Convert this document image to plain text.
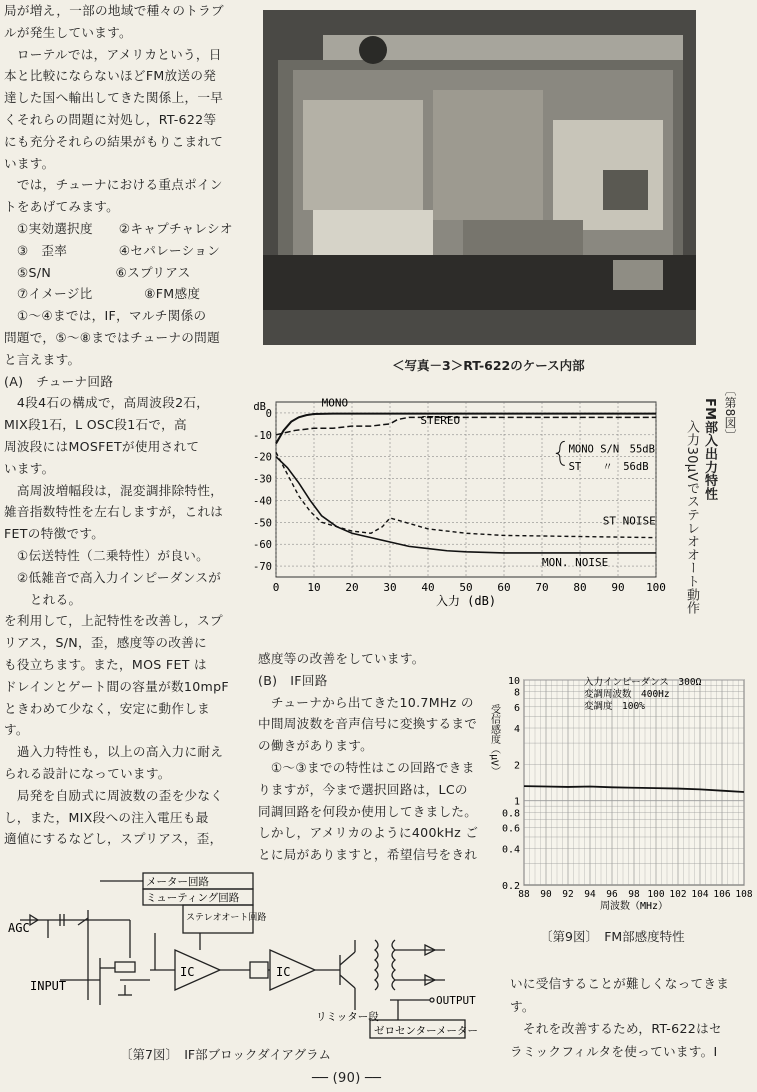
局が増え，一部の地域で種々のトラブ
ルが発生しています。
　ローテルでは，アメリカという，日
本と比較にならないほどFM放送の発
達した国へ輸出してきた関係上，一早
くそれらの問題に対処し，RT-622等
にも充分それらの結果がもりこまれて
います。
　では，チューナにおける重点ポイン
トをあげてみます。
　①実効選択度　　②キャプチャレシオ
　③　歪率　　　　④セパレーション
　⑤S/N　　　　　⑥スプリアス
　⑦イメージ比　　　　⑧FM感度
　①～④までは，IF，マルチ関係の
問題で，⑤～⑧まではチューナの問題
と言えます。
(A)　チューナ回路
　4段4石の構成で，高周波段2石，
MIX段1石，L OSC段1石で，高
周波段にはMOSFETが使用されて
います。
　高周波増幅段は，混変調排除特性，
雑音指数特性を左右しますが，これは
FETの特徴です。
　①伝送特性（二乗特性）が良い。
　②低雑音で高入力インピーダンスが
　　とれる。
を利用して，上記特性を改善し，スプ
リアス，S/N，歪，感度等の改善に
も役立ちます。また，MOS FET は
ドレインとゲート間の容量が数10mpF
ときわめて少なく，安定に動作しま
す。
　過入力特性も，以上の高入力に耐え
られる設計になっています。
　局発を自励式に周波数の歪を少なく
し，また，MIX段への注入電圧も最
適値にするなどし，スプリアス，歪，
＜写真－3＞RT-622のケース内部
0	10 20 30 40 50 60 70 80 90 100
0
-10
-20
-30
-40
-50
-60
-70
dB
入力 (dB)
MONO
STEREO
ST NOISE
MON. NOISE
MONO S/N　55dB
ST　　〃　56dB
〔第8図〕
FM部入出力特性
入力30μVでステレオオート動作
88 90 92 94 96 98 100 102 104 106 108
10
8
6
4
2
1
0.8
0.6
0.4
0.2
周波数（MHz）
受信感度（μV）
入力インピーダンス　300Ω
変調周波数　400Hz
変調度　100%
〔第9図〕　FM部感度特性
感度等の改善をしています。
(B)　IF回路
　チューナから出てきた10.7MHz の
中間周波数を音声信号に変換するまで
の働きがあります。
　①～③までの特性はこの回路できま
りますが，今まで選択回路は，LCの
同調回路を何段か使用してきました。
しかし，アメリカのように400kHz ご
とに局がありますと，希望信号をきれ
いに受信することが難しくなってきま
す。
　それを改善するため，RT-622はセ
ラミックフィルタを使っています。I
メーター回路
ミューティング回路
ステレオオート回路
AGC
INPUT
IC	IC
リミッター段
OUTPUT
ゼロセンターメーター
〔第7図〕　IF部ブロックダイアグラム
── (90) ──
